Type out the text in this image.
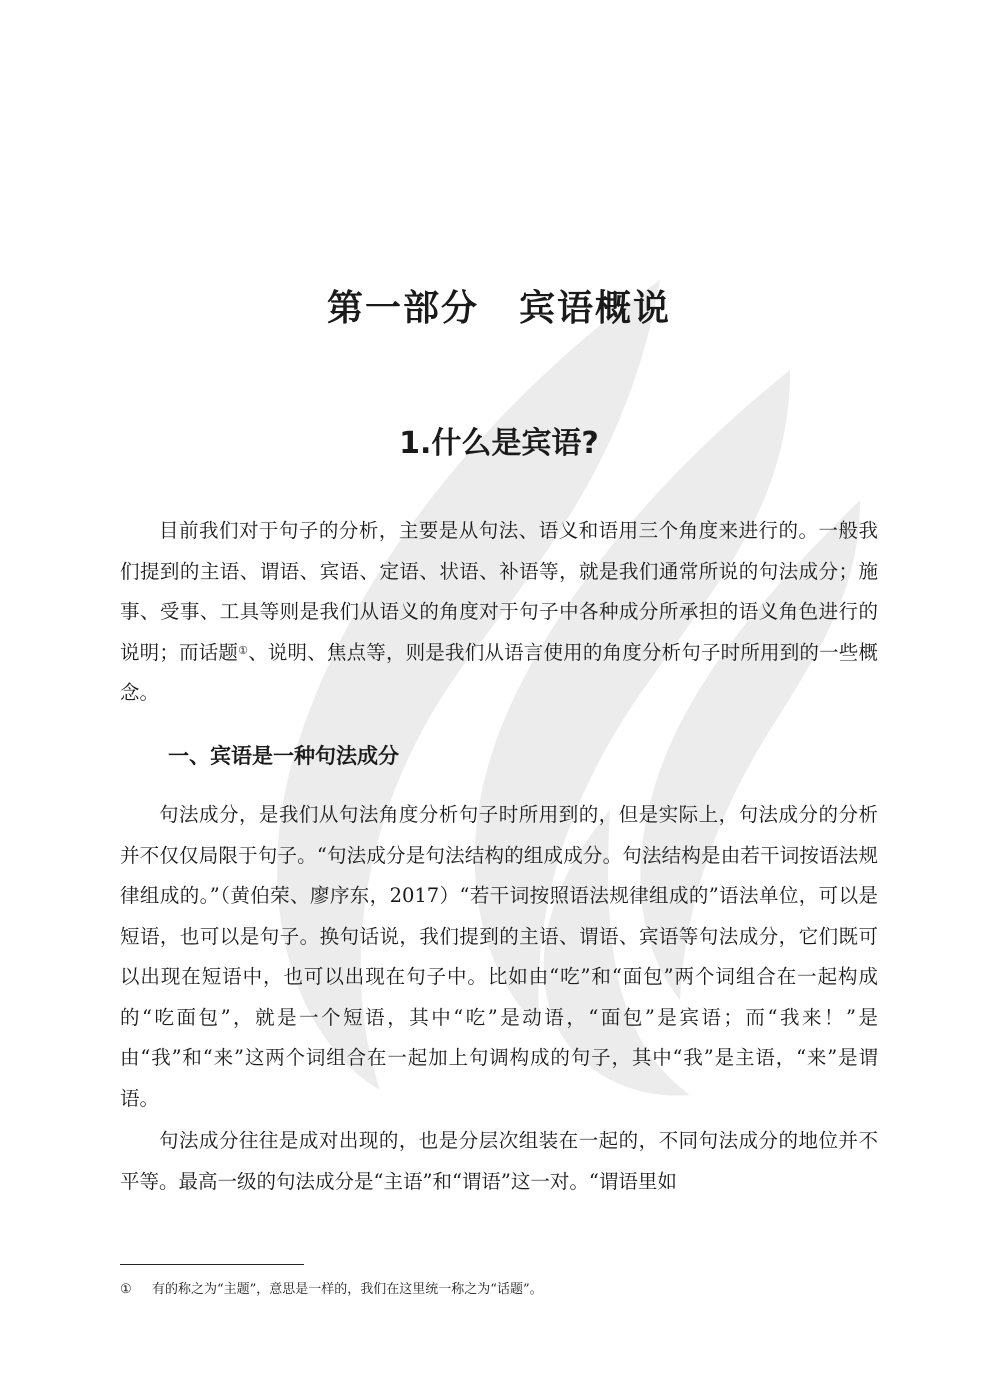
第一部分 宾语概说
1.什么是宾语?

目前我们对于句子的分析，主要是从句法、语义和语用三个角度来进行的。一般我们提到的主语、谓语、宾语、定语、状语、补语等，就是我们通常所说的句法成分；施事、受事、工具等则是我们从语义的角度对于句子中各种成分所承担的语义角色进行的说明；而话题①、说明、焦点等，则是我们从语言使用的角度分析句子时所用到的一些概念。

一、宾语是一种句法成分

句法成分，是我们从句法角度分析句子时所用到的，但是实际上，句法成分的分析并不仅仅局限于句子。“句法成分是句法结构的组成成分。句法结构是由若干词按语法规律组成的。”（黄伯荣、廖序东，2017）“若干词按照语法规律组成的”语法单位，可以是短语，也可以是句子。换句话说，我们提到的主语、谓语、宾语等句法成分，它们既可以出现在短语中，也可以出现在句子中。比如由“吃”和“面包”两个词组合在一起构成的“吃面包”，就是一个短语，其中“吃”是动语，“面包”是宾语；而“我来！”是由“我”和“来”这两个词组合在一起加上句调构成的句子，其中“我”是主语，“来”是谓语。

句法成分往往是成对出现的，也是分层次组装在一起的，不同句法成分的地位并不平等。最高一级的句法成分是“主语”和“谓语”这一对。“谓语里如

① 有的称之为“主题”，意思是一样的，我们在这里统一称之为“话题”。
